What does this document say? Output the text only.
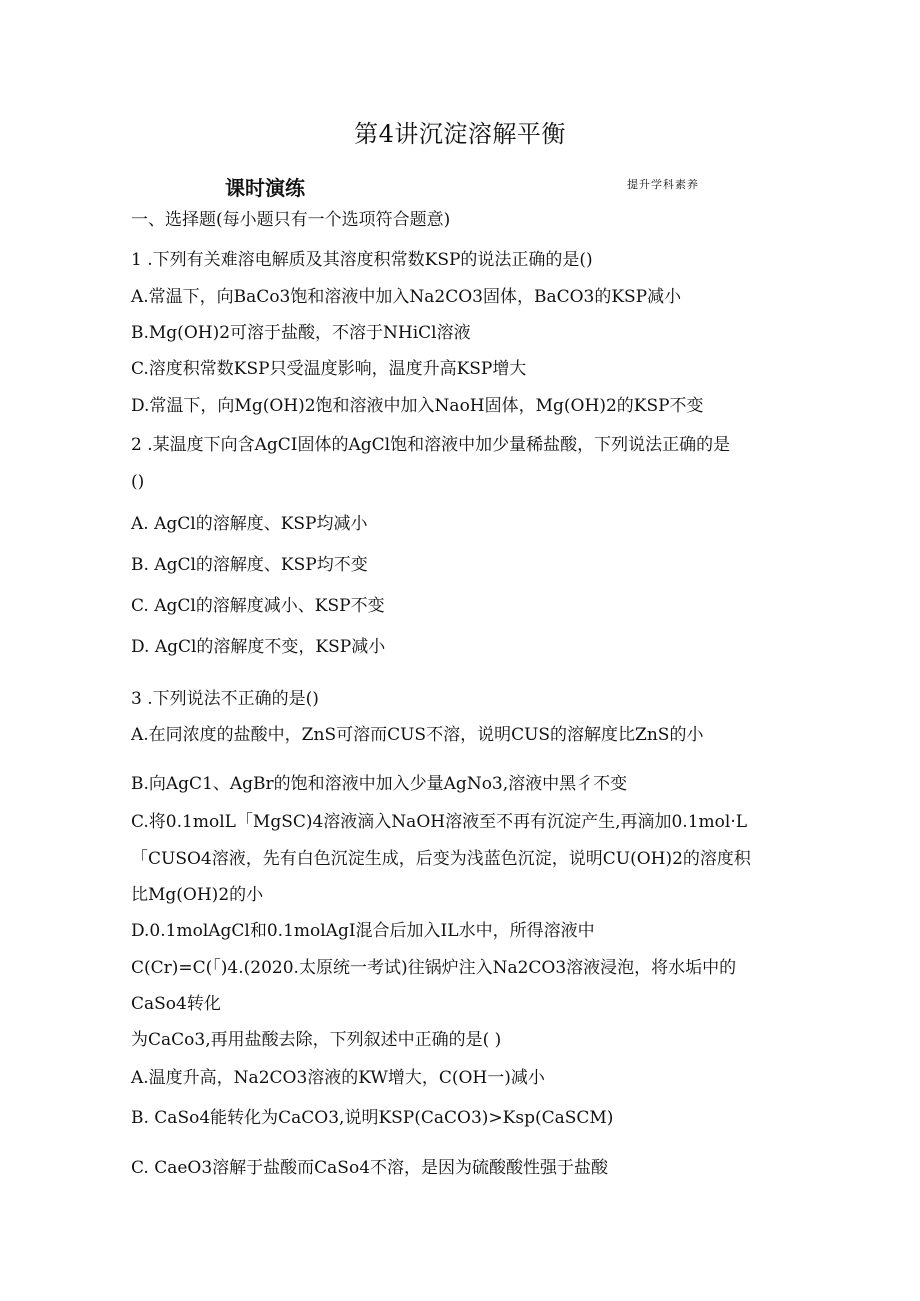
第4讲沉淀溶解平衡
课时演练	提升学科素养
一、选择题(每小题只有一个选项符合题意)
1 .下列有关难溶电解质及其溶度积常数KSP的说法正确的是()
A.常温下，向BaCo3饱和溶液中加入Na2CO3固体，BaCO3的KSP减小
B.Mg(OH)2可溶于盐酸，不溶于NHiCl溶液
C.溶度积常数KSP只受温度影响，温度升高KSP增大
D.常温下，向Mg(OH)2饱和溶液中加入NaoH固体，Mg(OH)2的KSP不变
2 .某温度下向含AgCI固体的AgCl饱和溶液中加少量稀盐酸，下列说法正确的是
()
A. AgCl的溶解度、KSP均减小
B. AgCl的溶解度、KSP均不变
C. AgCl的溶解度减小、KSP不变
D. AgCl的溶解度不变，KSP减小
3 .下列说法不正确的是()
A.在同浓度的盐酸中，ZnS可溶而CUS不溶，说明CUS的溶解度比ZnS的小
B.向AgC1、AgBr的饱和溶液中加入少量AgNo3,溶液中黑彳不变
C.将0.1molL「MgSC)4溶液滴入NaOH溶液至不再有沉淀产生,再滴加0.1mol·L
「CUSO4溶液，先有白色沉淀生成，后变为浅蓝色沉淀，说明CU(OH)2的溶度积
比Mg(OH)2的小
D.0.1molAgCl和0.1molAgI混合后加入IL水中，所得溶液中
C(Cr)=C(「)4.(2020.太原统一考试)往锅炉注入Na2CO3溶液浸泡，将水垢中的
CaSo4转化
为CaCo3,再用盐酸去除，下列叙述中正确的是( )
A.温度升高，Na2CO3溶液的KW增大，C(OH一)减小
B. CaSo4能转化为CaCO3,说明KSP(CaCO3)>Ksp(CaSCM)
C. CaeO3溶解于盐酸而CaSo4不溶，是因为硫酸酸性强于盐酸
